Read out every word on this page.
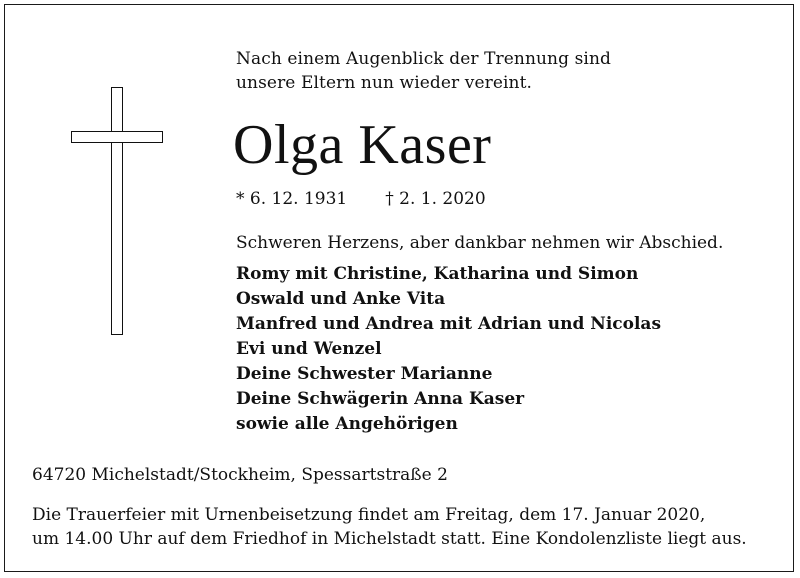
Nach einem Augenblick der Trennung sind
unsere Eltern nun wieder vereint.
Olga Kaser
* 6. 12. 1931 † 2. 1. 2020
Schweren Herzens, aber dankbar nehmen wir Abschied.
Romy mit Christine, Katharina und Simon
Oswald und Anke Vita
Manfred und Andrea mit Adrian und Nicolas
Evi und Wenzel
Deine Schwester Marianne
Deine Schwägerin Anna Kaser
sowie alle Angehörigen
64720 Michelstadt/Stockheim, Spessartstraße 2
Die Trauerfeier mit Urnenbeisetzung findet am Freitag, dem 17. Januar 2020,
um 14.00 Uhr auf dem Friedhof in Michelstadt statt. Eine Kondolenzliste liegt aus.
